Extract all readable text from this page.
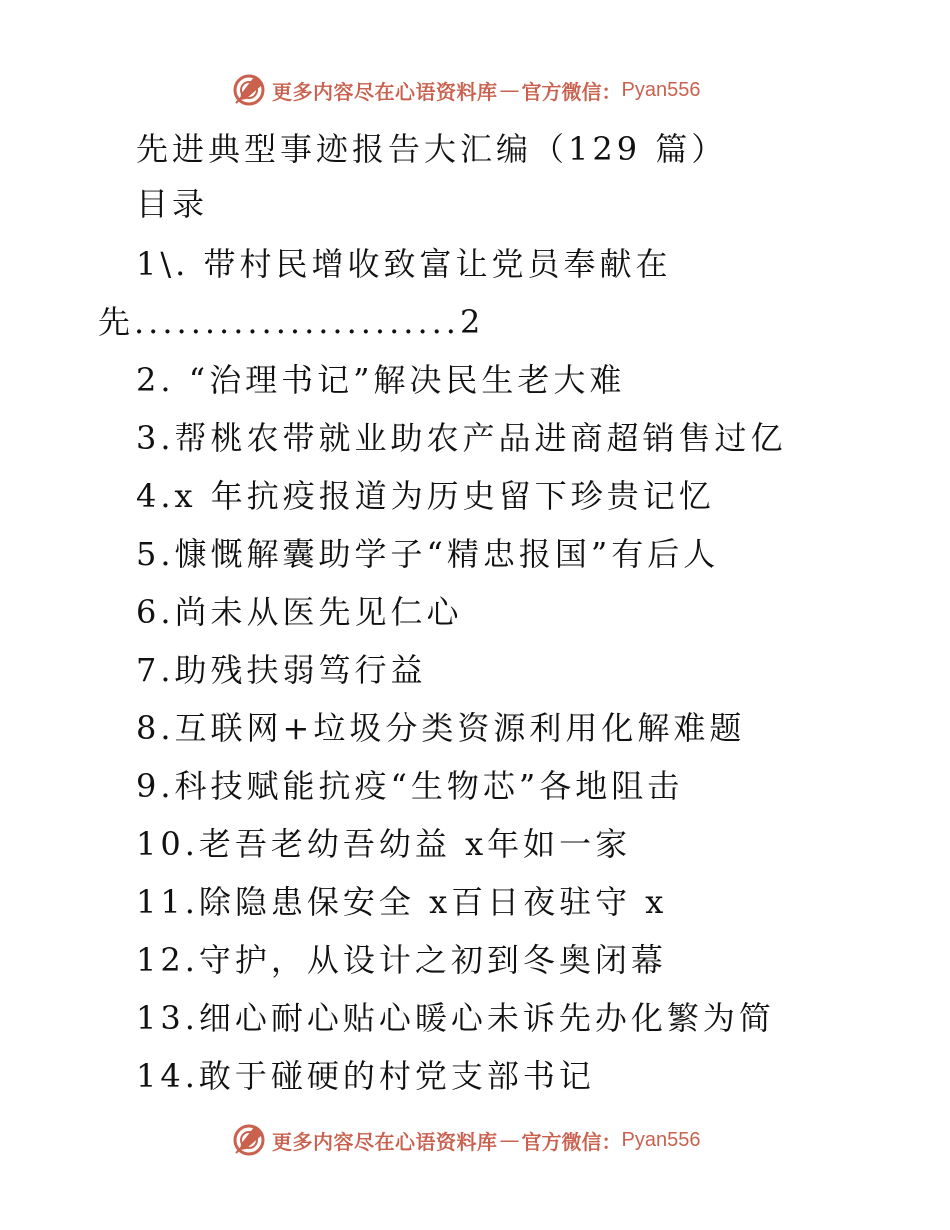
更多内容尽在心语资料库 — 官方微信： Pyan556
先进典型事迹报告大汇编（129 篇）
目录
1\. 带村民增收致富让党员奉献在
先.......................2
2. “治理书记”解决民生老大难
3.帮桃农带就业助农产品进商超销售过亿
4.x 年抗疫报道为历史留下珍贵记忆
5.慷慨解囊助学子“精忠报国”有后人
6.尚未从医先见仁心
7.助残扶弱笃行益
8.互联网+垃圾分类资源利用化解难题
9.科技赋能抗疫“生物芯”各地阻击
10.老吾老幼吾幼益 x年如一家
11.除隐患保安全 x百日夜驻守 x
12.守护，从设计之初到冬奥闭幕
13.细心耐心贴心暖心未诉先办化繁为简
14.敢于碰硬的村党支部书记
更多内容尽在心语资料库 — 官方微信： Pyan556
